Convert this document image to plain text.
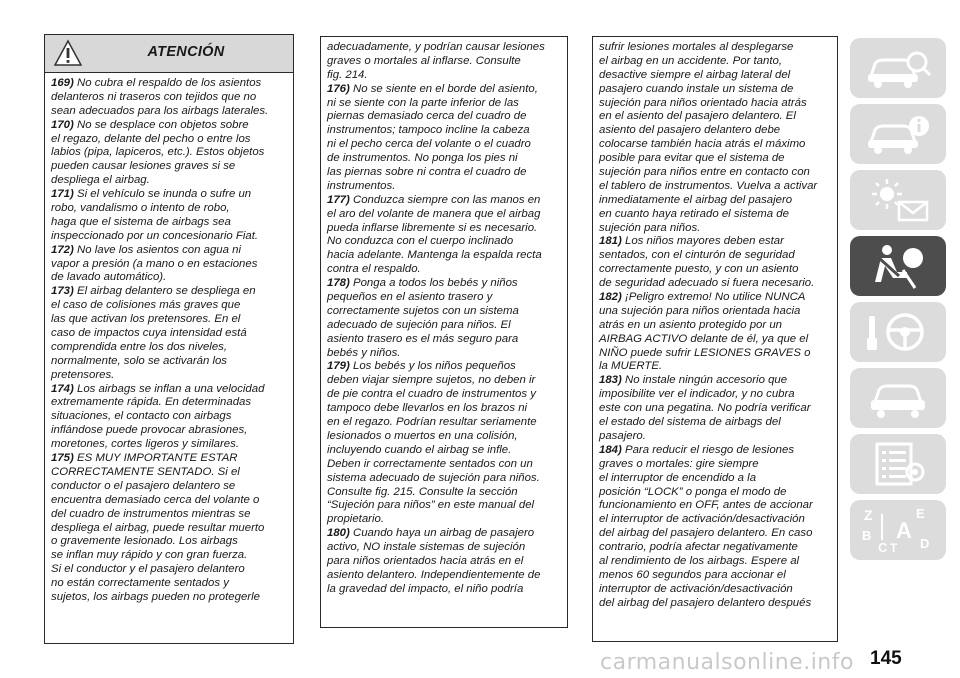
ATENCIÓN
169) No cubra el respaldo de los asientos
delanteros ni traseros con tejidos que no
sean adecuados para los airbags laterales.
170) No se desplace con objetos sobre
el regazo, delante del pecho o entre los
labios (pipa, lapiceros, etc.). Estos objetos
pueden causar lesiones graves si se
despliega el airbag.
171) Si el vehículo se inunda o sufre un
robo, vandalismo o intento de robo,
haga que el sistema de airbags sea
inspeccionado por un concesionario Fiat.
172) No lave los asientos con agua ni
vapor a presión (a mano o en estaciones
de lavado automático).
173) El airbag delantero se despliega en
el caso de colisiones más graves que
las que activan los pretensores. En el
caso de impactos cuya intensidad está
comprendida entre los dos niveles,
normalmente, solo se activarán los
pretensores.
174) Los airbags se inflan a una velocidad
extremamente rápida. En determinadas
situaciones, el contacto con airbags
inflándose puede provocar abrasiones,
moretones, cortes ligeros y similares.
175) ES MUY IMPORTANTE ESTAR
CORRECTAMENTE SENTADO. Si el
conductor o el pasajero delantero se
encuentra demasiado cerca del volante o
del cuadro de instrumentos mientras se
despliega el airbag, puede resultar muerto
o gravemente lesionado. Los airbags
se inflan muy rápido y con gran fuerza.
Si el conductor y el pasajero delantero
no están correctamente sentados y
sujetos, los airbags pueden no protegerle
adecuadamente, y podrían causar lesiones
graves o mortales al inflarse. Consulte
fig. 214.
176) No se siente en el borde del asiento,
ni se siente con la parte inferior de las
piernas demasiado cerca del cuadro de
instrumentos; tampoco incline la cabeza
ni el pecho cerca del volante o el cuadro
de instrumentos. No ponga los pies ni
las piernas sobre ni contra el cuadro de
instrumentos.
177) Conduzca siempre con las manos en
el aro del volante de manera que el airbag
pueda inflarse libremente si es necesario.
No conduzca con el cuerpo inclinado
hacia adelante. Mantenga la espalda recta
contra el respaldo.
178) Ponga a todos los bebés y niños
pequeños en el asiento trasero y
correctamente sujetos con un sistema
adecuado de sujeción para niños. El
asiento trasero es el más seguro para
bebés y niños.
179) Los bebés y los niños pequeños
deben viajar siempre sujetos, no deben ir
de pie contra el cuadro de instrumentos y
tampoco debe llevarlos en los brazos ni
en el regazo. Podrían resultar seriamente
lesionados o muertos en una colisión,
incluyendo cuando el airbag se infle.
Deben ir correctamente sentados con un
sistema adecuado de sujeción para niños.
Consulte fig. 215. Consulte la sección
“Sujeción para niños” en este manual del
propietario.
180) Cuando haya un airbag de pasajero
activo, NO instale sistemas de sujeción
para niños orientados hacia atrás en el
asiento delantero. Independientemente de
la gravedad del impacto, el niño podría
sufrir lesiones mortales al desplegarse
el airbag en un accidente. Por tanto,
desactive siempre el airbag lateral del
pasajero cuando instale un sistema de
sujeción para niños orientado hacia atrás
en el asiento del pasajero delantero. El
asiento del pasajero delantero debe
colocarse también hacia atrás el máximo
posible para evitar que el sistema de
sujeción para niños entre en contacto con
el tablero de instrumentos. Vuelva a activar
inmediatamente el airbag del pasajero
en cuanto haya retirado el sistema de
sujeción para niños.
181) Los niños mayores deben estar
sentados, con el cinturón de seguridad
correctamente puesto, y con un asiento
de seguridad adecuado si fuera necesario.
182) ¡Peligro extremo! No utilice NUNCA
una sujeción para niños orientada hacia
atrás en un asiento protegido por un
AIRBAG ACTIVO delante de él, ya que el
NIÑO puede sufrir LESIONES GRAVES o
la MUERTE.
183) No instale ningún accesorio que
imposibilite ver el indicador, y no cubra
este con una pegatina. No podría verificar
el estado del sistema de airbags del
pasajero.
184) Para reducir el riesgo de lesiones
graves o mortales: gire siempre
el interruptor de encendido a la
posición “LOCK” o ponga el modo de
funcionamiento en OFF, antes de accionar
el interruptor de activación/desactivación
del airbag del pasajero delantero. En caso
contrario, podría afectar negativamente
al rendimiento de los airbags. Espere al
menos 60 segundos para accionar el
interruptor de activación/desactivación
del airbag del pasajero delantero después
Z	E
B A
C T D
carmanualsonline.info 145
